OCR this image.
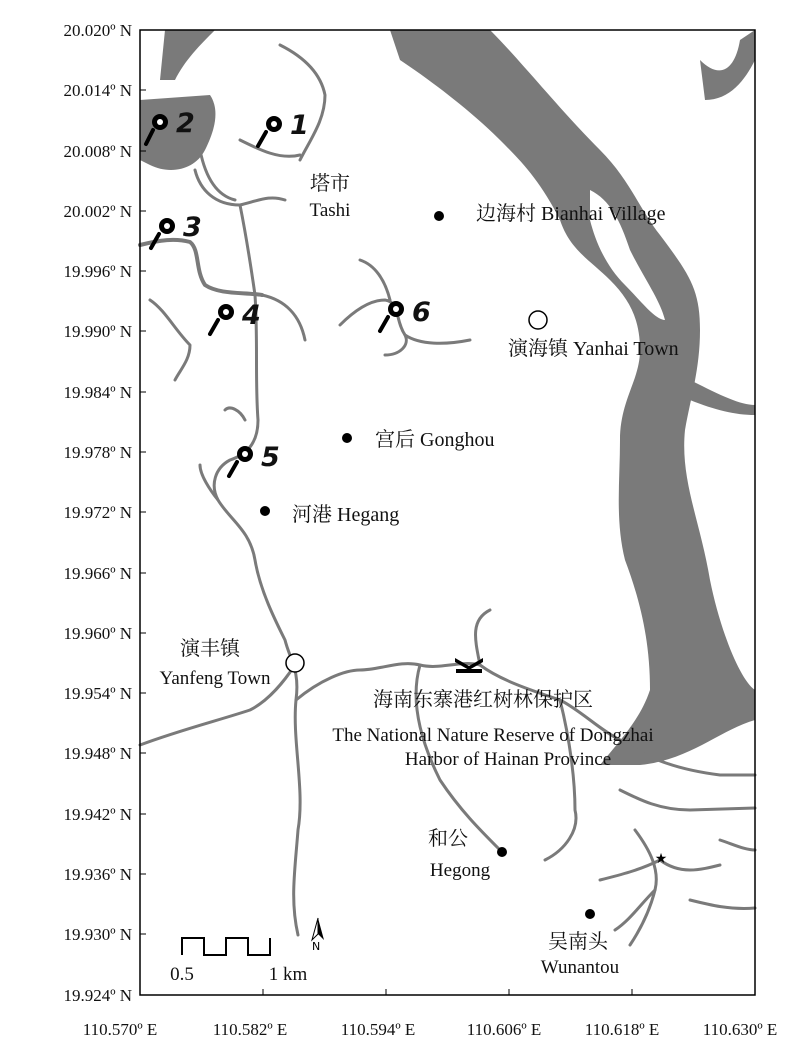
20.020º N
20.014º N
20.008º N
20.002º N
19.996º N
19.990º N
19.984º N
19.978º N
19.972º N
19.966º N
19.960º N
19.954º N
19.948º N
19.942º N
19.936º N
19.930º N
19.924º N
110.570º E	110.582º E	110.594º E	110.606º E	110.618º E	110.630º E
1
2
3
4
5
6
塔市
Tashi	边海村 Bianhai Village
演海镇 Yanhai Town
宫后 Gonghou
河港 Hegang
演丰镇
Yanfeng Town
海南东寨港红树林保护区
The National Nature Reserve of Dongzhai
Harbor of Hainan Province
和公
Hegong
吴南头
Wunantou
★
0.5	1 km
N
